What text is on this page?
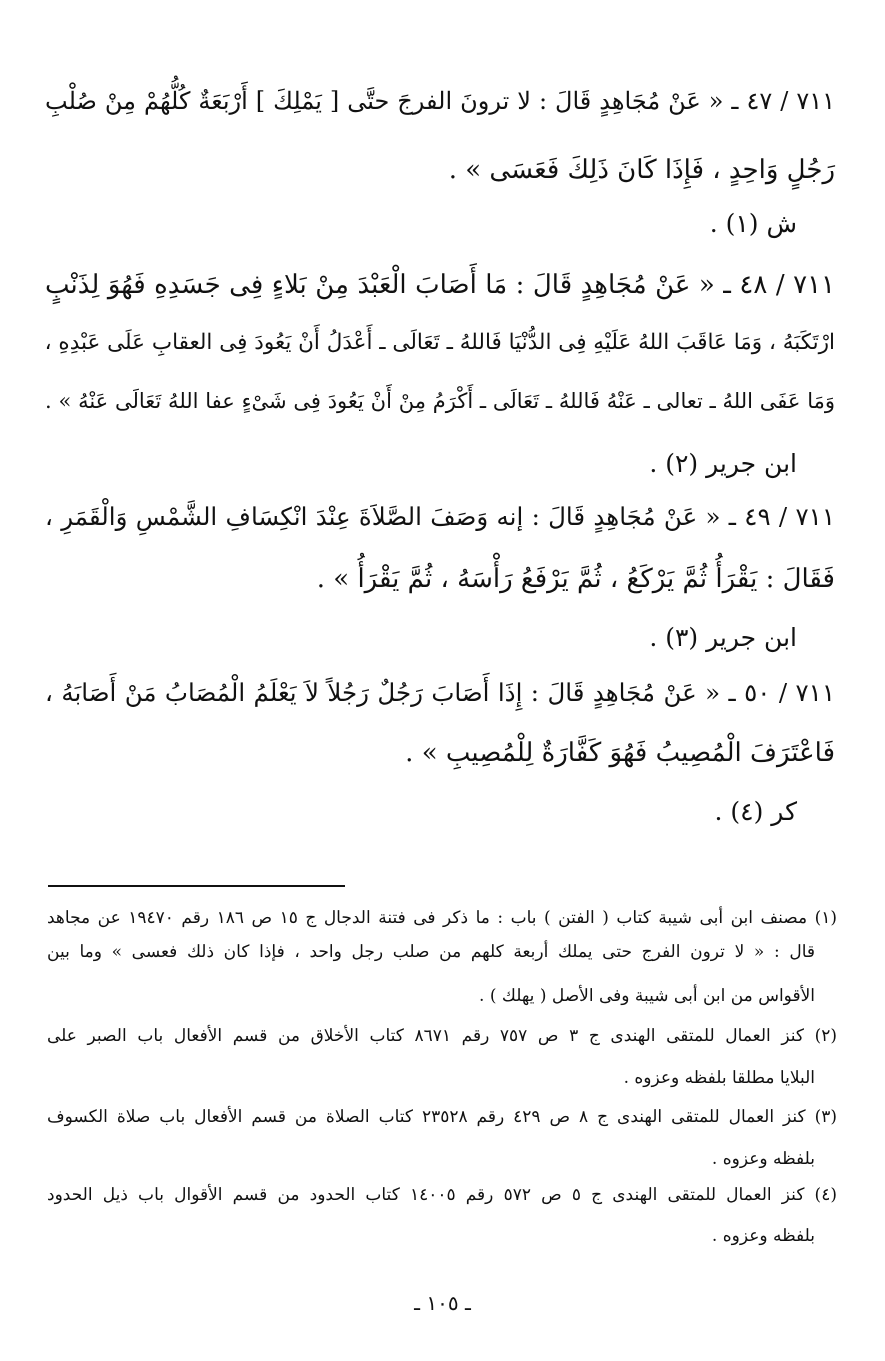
٧١١ / ٤٧ ـ « عَنْ مُجَاهِدٍ قَالَ : لا ترونَ الفرجَ حتَّى [ يَمْلِكَ ] أَرْبَعَةٌ كُلُّهُمْ مِنْ صُلْبِ
رَجُلٍ وَاحِدٍ ، فَإِذَا كَانَ ذَلِكَ فَعَسَى » .
ش (١) .
٧١١ / ٤٨ ـ « عَنْ مُجَاهِدٍ قَالَ : مَا أَصَابَ الْعَبْدَ مِنْ بَلاءٍ فِى جَسَدِهِ فَهُوَ لِذَنْبٍ
ارْتَكَبَهُ ، وَمَا عَاقَبَ اللهُ عَلَيْهِ فِى الدُّنْيَا فَاللهُ ـ تَعَالَى ـ أَعْدَلُ أَنْ يَعُودَ فِى العقابِ عَلَى عَبْدِهِ ،
وَمَا عَفَى اللهُ ـ تعالى ـ عَنْهُ فَاللهُ ـ تَعَالَى ـ أَكْرَمُ مِنْ أَنْ يَعُودَ فِى شَىْءٍ عفا اللهُ تَعَالَى عَنْهُ » .
ابن جرير (٢) .
٧١١ / ٤٩ ـ « عَنْ مُجَاهِدٍ قَالَ : إنه وَصَفَ الصَّلاَةَ عِنْدَ انْكِسَافِ الشَّمْسِ وَالْقَمَرِ ،
فَقَالَ : يَقْرَأُ ثُمَّ يَرْكَعُ ، ثُمَّ يَرْفَعُ رَأْسَهُ ، ثُمَّ يَقْرَأُ » .
ابن جرير (٣) .
٧١١ / ٥٠ ـ « عَنْ مُجَاهِدٍ قَالَ : إِذَا أَصَابَ رَجُلٌ رَجُلاً لاَ يَعْلَمُ الْمُصَابُ مَنْ أَصَابَهُ ،
فَاعْتَرَفَ الْمُصِيبُ فَهُوَ كَفَّارَةٌ لِلْمُصِيبِ » .
كر (٤) .
(١) مصنف ابن أبى شيبة كتاب ( الفتن ) باب : ما ذكر فى فتنة الدجال ج ١٥ ص ١٨٦ رقم ١٩٤٧٠ عن مجاهد
قال : « لا ترون الفرج حتى يملك أربعة كلهم من صلب رجل واحد ، فإذا كان ذلك فعسى » وما بين
الأقواس من ابن أبى شيبة وفى الأصل ( يهلك ) .
(٢) كنز العمال للمتقى الهندى ج ٣ ص ٧٥٧ رقم ٨٦٧١ كتاب الأخلاق من قسم الأفعال باب الصبر على
البلايا مطلقا بلفظه وعزوه .
(٣) كنز العمال للمتقى الهندى ج ٨ ص ٤٢٩ رقم ٢٣٥٢٨ كتاب الصلاة من قسم الأفعال باب صلاة الكسوف
بلفظه وعزوه .
(٤) كنز العمال للمتقى الهندى ج ٥ ص ٥٧٢ رقم ١٤٠٠٥ كتاب الحدود من قسم الأقوال باب ذيل الحدود
بلفظه وعزوه .
ـ ١٠٥ ـ
